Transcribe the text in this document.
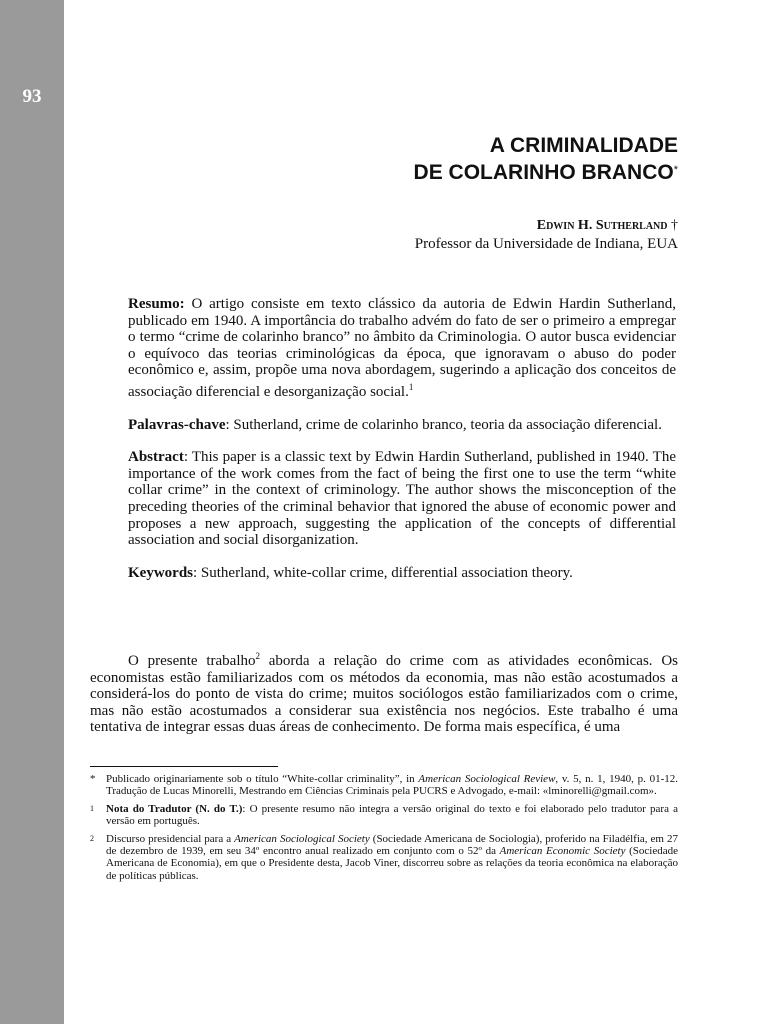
93
A CRIMINALIDADE
DE COLARINHO BRANCO*
Edwin H. Sutherland †
Professor da Universidade de Indiana, EUA

Resumo: O artigo consiste em texto clássico da autoria de Edwin Hardin Sutherland, publicado em 1940. A importância do trabalho advém do fato de ser o primeiro a empregar o termo “crime de colarinho branco” no âmbito da Criminologia. O autor busca evidenciar o equívoco das teorias criminológicas da época, que ignoravam o abuso do poder econômico e, assim, propõe uma nova abordagem, sugerindo a aplicação dos conceitos de associação diferencial e desorganização social.$^1$

Palavras-chave: Sutherland, crime de colarinho branco, teoria da associação diferencial.

Abstract: This paper is a classic text by Edwin Hardin Sutherland, published in 1940. The importance of the work comes from the fact of being the first one to use the term “white collar crime” in the context of criminology. The author shows the misconception of the preceding theories of the criminal behavior that ignored the abuse of economic power and proposes a new approach, suggesting the application of the concepts of differential association and social disorganization.

Keywords: Sutherland, white-collar crime, differential association theory.

O presente trabalho$^2$ aborda a relação do crime com as atividades econômicas. Os economistas estão familiarizados com os métodos da economia, mas não estão acostumados a considerá-los do ponto de vista do crime; muitos sociólogos estão familiarizados com o crime, mas não estão acostumados a considerar sua existência nos negócios. Este trabalho é uma tentativa de integrar essas duas áreas de conhecimento. De forma mais específica, é uma

* Publicado originariamente sob o título “White-collar criminality”, in American Sociological Review, v. 5, n. 1, 1940, p. 01-12. Tradução de Lucas Minorelli, Mestrando em Ciências Criminais pela PUCRS e Advogado, e-mail: «lminorelli@gmail.com».
$^1$	Nota do Tradutor (N. do T.): O presente resumo não integra a versão original do texto e foi elaborado pelo tradutor para a versão em português.
$^2$	Discurso presidencial para a American Sociological Society (Sociedade Americana de Sociologia), proferido na Filadélfia, em 27 de dezembro de 1939, em seu 34º encontro anual realizado em conjunto com o 52º da American Economic Society (Sociedade Americana de Economia), em que o Presidente desta, Jacob Viner, discorreu sobre as relações da teoria econômica na elaboração de políticas públicas.
